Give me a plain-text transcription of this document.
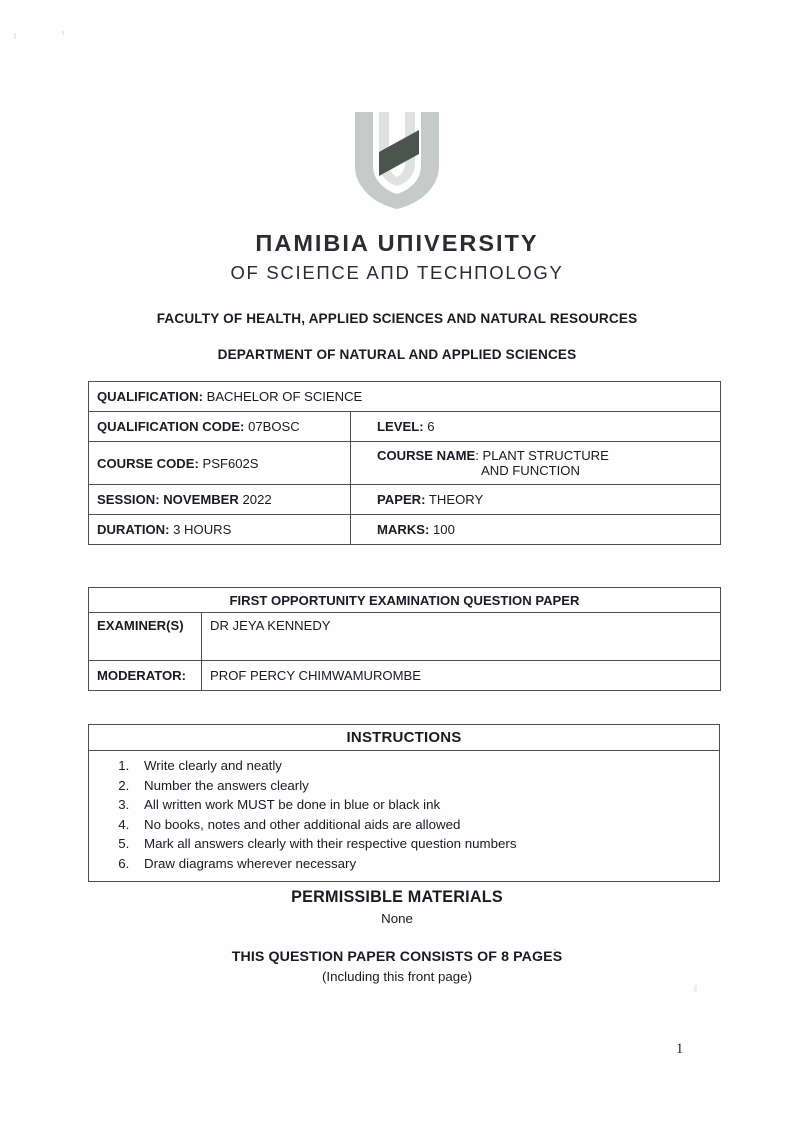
ΠAMIBIA UΠIVERSITY
OF SCIEΠCE AΠD TECHΠOLOGY
FACULTY OF HEALTH, APPLIED SCIENCES AND NATURAL RESOURCES
DEPARTMENT OF NATURAL AND APPLIED SCIENCES
QUALIFICATION: BACHELOR OF SCIENCE	
QUALIFICATION CODE: 07BOSC	LEVEL: 6
COURSE CODE: PSF602S	COURSE NAME: PLANT STRUCTURE
AND FUNCTION

SESSION: NOVEMBER 2022	PAPER: THEORY
DURATION: 3 HOURS	MARKS: 100
FIRST OPPORTUNITY EXAMINATION QUESTION PAPER	
EXAMINER(S)	DR JEYA KENNEDY
MODERATOR:	PROF PERCY CHIMWAMUROMBE
INSTRUCTIONS

1. Write clearly and neatly
2. Number the answers clearly
3. All written work MUST be done in blue or black ink
4. No books, notes and other additional aids are allowed
5. Mark all answers clearly with their respective question numbers
6. Draw diagrams wherever necessary
PERMISSIBLE MATERIALS
None
THIS QUESTION PAPER CONSISTS OF 8 PAGES
(Including this front page)
1
